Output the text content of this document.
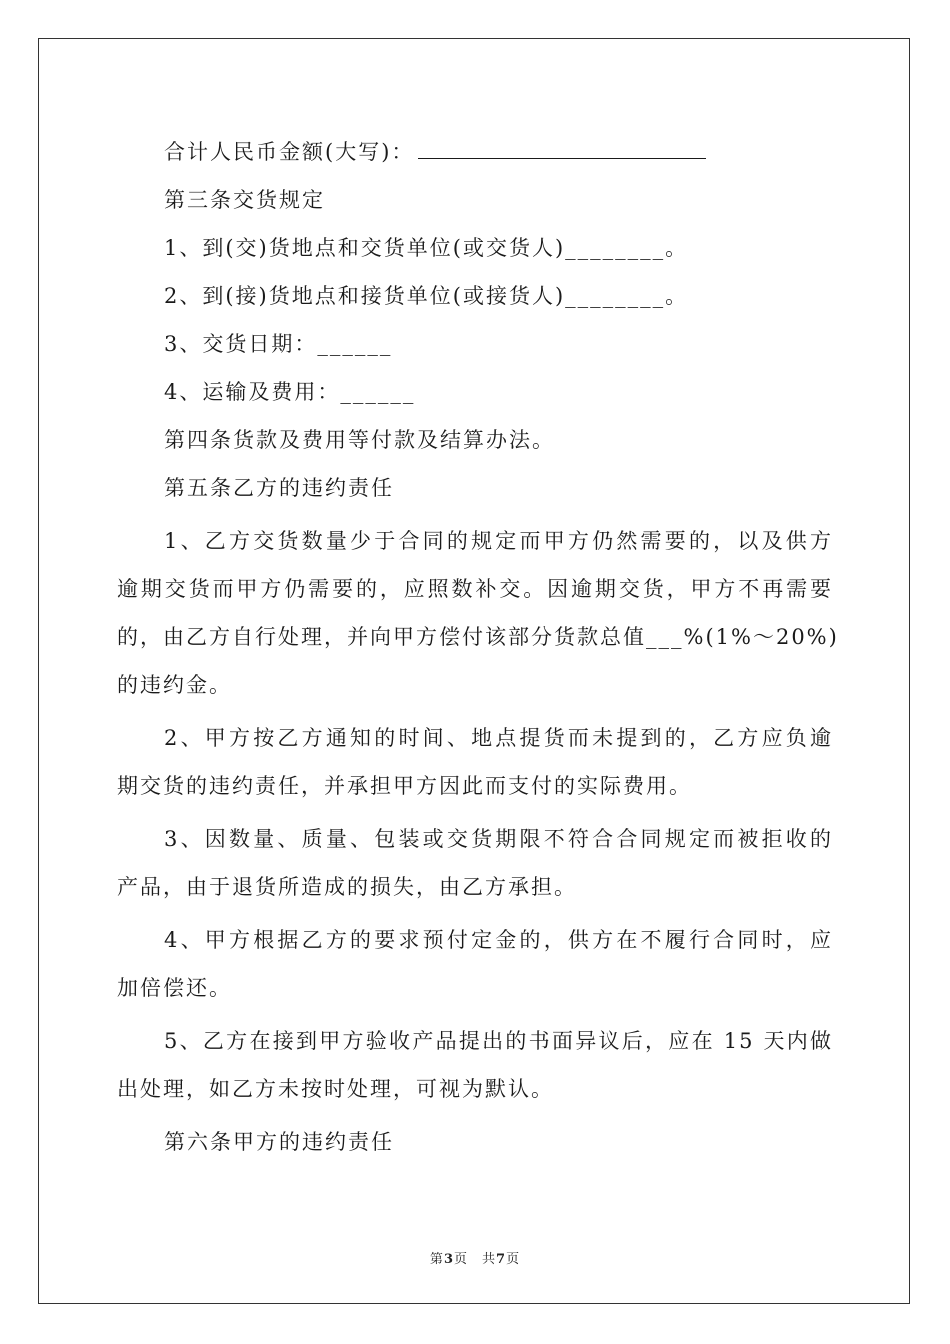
合计人民币金额(大写)：
第三条交货规定
1、到(交)货地点和交货单位(或交货人)________。
2、到(接)货地点和接货单位(或接货人)________。
3、交货日期：______
4、运输及费用：______
第四条货款及费用等付款及结算办法。
第五条乙方的违约责任
1、乙方交货数量少于合同的规定而甲方仍然需要的，以及供方
逾期交货而甲方仍需要的，应照数补交。因逾期交货，甲方不再需要
的，由乙方自行处理，并向甲方偿付该部分货款总值___%(1%～20%)
的违约金。
2、甲方按乙方通知的时间、地点提货而未提到的，乙方应负逾
期交货的违约责任，并承担甲方因此而支付的实际费用。
3、因数量、质量、包装或交货期限不符合合同规定而被拒收的
产品，由于退货所造成的损失，由乙方承担。
4、甲方根据乙方的要求预付定金的，供方在不履行合同时，应
加倍偿还。
5、乙方在接到甲方验收产品提出的书面异议后，应在 15 天内做
出处理，如乙方未按时处理，可视为默认。
第六条甲方的违约责任
第3页 共7页
